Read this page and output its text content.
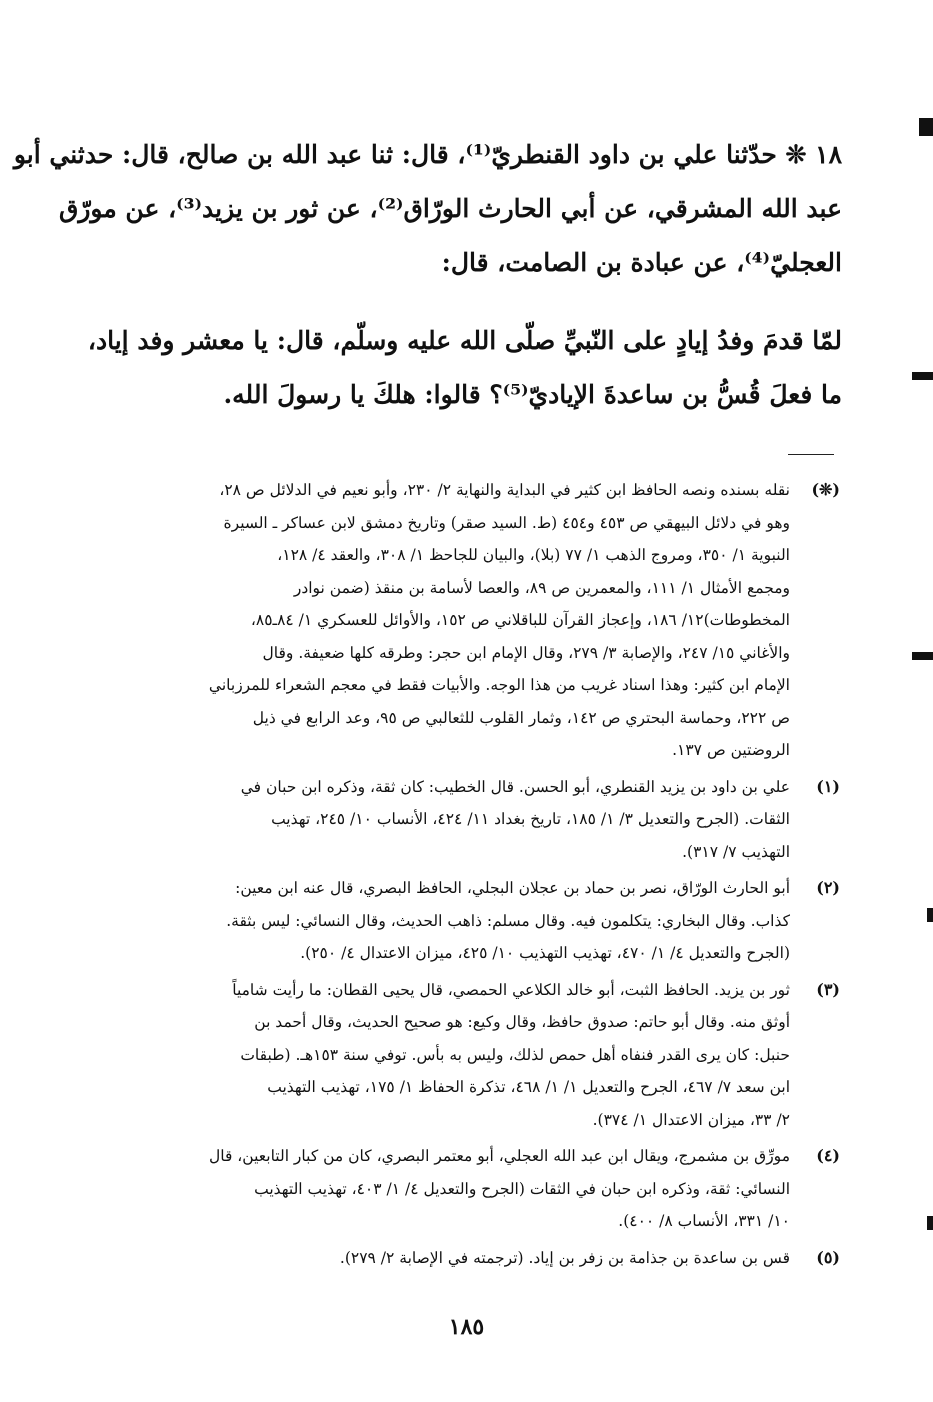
١٨ ❊ حدّثنا علي بن داود القنطريّ⁽¹⁾، قال: ثنا عبد الله بن صالح، قال: حدثني أبو
عبد الله المشرقي، عن أبي الحارث الورّاق⁽²⁾، عن ثور بن يزيد⁽³⁾، عن مورّق
العجليّ⁽⁴⁾، عن عبادة بن الصامت، قال:
لمّا قدمَ وفدُ إيادٍ على النّبيِّ صلّى الله عليه وسلّم، قال: يا معشر وفد إياد،
ما فعلَ قُسُّ بن ساعدةَ الإياديّ⁽⁵⁾؟ قالوا: هلكَ يا رسولَ الله.
(❊)
نقله بسنده ونصه الحافظ ابن كثير في البداية والنهاية ٢/ ٢٣٠، وأبو نعيم في الدلائل ص ٢٨،
وهو في دلائل البيهقي ص ٤٥٣ و٤٥٤ (ط. السيد صقر) وتاريخ دمشق لابن عساكر ـ السيرة
النبوية ١/ ٣٥٠، ومروج الذهب ١/ ٧٧ (بلا)، والبيان للجاحظ ١/ ٣٠٨، والعقد ٤/ ١٢٨،
ومجمع الأمثال ١/ ١١١، والمعمرين ص ٨٩، والعصا لأسامة بن منقذ (ضمن نوادر
المخطوطات)١٢/ ١٨٦، وإعجاز القرآن للباقلاني ص ١٥٢، والأوائل للعسكري ١/ ٨٤ـ٨٥،
والأغاني ١٥/ ٢٤٧، والإصابة ٣/ ٢٧٩، وقال الإمام ابن حجر: وطرقه كلها ضعيفة. وقال
الإمام ابن كثير: وهذا اسناد غريب من هذا الوجه. والأبيات فقط في معجم الشعراء للمرزباني
ص ٢٢٢، وحماسة البحتري ص ١٤٢، وثمار القلوب للثعالبي ص ٩٥، وعد الرابع في ذيل
الروضتين ص ١٣٧.
(١)
علي بن داود بن يزيد القنطري، أبو الحسن. قال الخطيب: كان ثقة، وذكره ابن حبان في
الثقات. (الجرح والتعديل ٣/ ١/ ١٨٥، تاريخ بغداد ١١/ ٤٢٤، الأنساب ١٠/ ٢٤٥، تهذيب
التهذيب ٧/ ٣١٧).
(٢)
أبو الحارث الورّاق، نصر بن حماد بن عجلان البجلي، الحافظ البصري، قال عنه ابن معين:
كذاب. وقال البخاري: يتكلمون فيه. وقال مسلم: ذاهب الحديث، وقال النسائي: ليس بثقة.
(الجرح والتعديل ٤/ ١/ ٤٧٠، تهذيب التهذيب ١٠/ ٤٢٥، ميزان الاعتدال ٤/ ٢٥٠).
(٣)
ثور بن يزيد. الحافظ الثبت، أبو خالد الكلاعي الحمصي، قال يحيى القطان: ما رأيت شامياً
أوثق منه. وقال أبو حاتم: صدوق حافظ، وقال وكيع: هو صحيح الحديث، وقال أحمد بن
حنبل: كان يرى القدر فنفاه أهل حمص لذلك، وليس به بأس. توفي سنة ١٥٣هـ. (طبقات
ابن سعد ٧/ ٤٦٧، الجرح والتعديل ١/ ١/ ٤٦٨، تذكرة الحفاظ ١/ ١٧٥، تهذيب التهذيب
٢/ ٣٣، ميزان الاعتدال ١/ ٣٧٤).
(٤)
مورِّق بن مشمرج، ويقال ابن عبد الله العجلي، أبو معتمر البصري، كان من كبار التابعين، قال
النسائي: ثقة، وذكره ابن حبان في الثقات (الجرح والتعديل ٤/ ١/ ٤٠٣، تهذيب التهذيب
١٠/ ٣٣١، الأنساب ٨/ ٤٠٠).
(٥)
قس بن ساعدة بن جذامة بن زفر بن إياد. (ترجمته في الإصابة ٢/ ٢٧٩).
١٨٥
